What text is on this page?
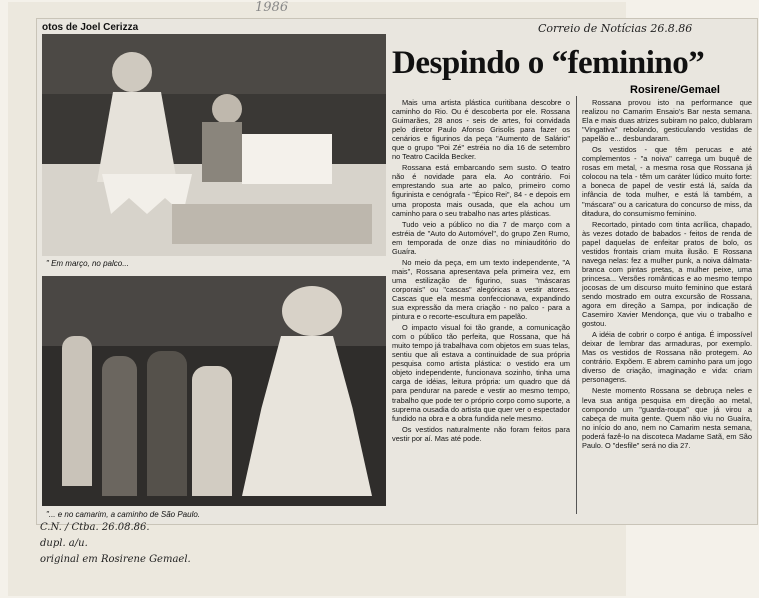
1986
Correio de Notícias 26.8.86
otos de Joel Cerizza
" Em março, no palco...
"... e no camarim, a caminho de São Paulo.
C.N. / Ctba. 26.08.86.
dupl. a/u.
original em Rosirene Gemael.
Despindo o “feminino”
Rosirene/Gemael

Mais uma artista plástica curitibana descobre o caminho do Rio. Ou é descoberta por ele. Rossana Guimarães, 28 anos - seis de artes, foi convidada pelo diretor Paulo Afonso Grisolis para fazer os cenários e figurinos da peça "Aumento de Salário" que o grupo "Poi Zé" estréia no dia 16 de setembro no Teatro Cacilda Becker.

Rossana está embarcando sem susto. O teatro não é novidade para ela. Ao contrário. Foi emprestando sua arte ao palco, primeiro como figurinista e cenógrafa - "Épico Rei", 84 - e depois em uma proposta mais ousada, que ela achou um caminho para o seu trabalho nas artes plásticas.

Tudo veio a público no dia 7 de março com a estréia de "Auto do Automóvel", do grupo Zen Rumo, em temporada de onze dias no miniauditório do Guaíra.

No meio da peça, em um texto independente, "A mais", Rossana apresentava pela primeira vez, em uma estilização de figurino, suas "máscaras corporais" ou "cascas" alegóricas a vestir atores. Cascas que ela mesma confeccionava, expandindo sua expressão da mera criação - no palco - para a pintura e o recorte-escultura em papelão.

O impacto visual foi tão grande, a comunicação com o público tão perfeita, que Rossana, que há muito tempo já trabalhava com objetos em suas telas, sentiu que ali estava a continuidade de sua própria pesquisa como artista plástica: o vestido era um objeto independente, funcionava sozinho, tinha uma carga de idéias, leitura própria: um quadro que dá para pendurar na parede e vestir ao mesmo tempo, trabalho que pode ter o próprio corpo como suporte, a suprema ousadia do artista que quer ver o espectador fundido na obra e a obra fundida nele mesmo.

Os vestidos naturalmente não foram feitos para vestir por aí. Mas até pode.

Rossana provou isto na performance que realizou no Camarim Ensaio's Bar nesta semana. Ela e mais duas atrizes subiram no palco, dublaram "Vingativa" rebolando, gesticulando vestidas de papelão e... desbundaram.

Os vestidos - que têm perucas e até complementos - "a noiva" carrega um buquê de rosas em metal, - a mesma rosa que Rossana já colocou na tela - têm um caráter lúdico muito forte: a boneca de papel de vestir está lá, saída da infância de toda mulher, e está lá também, a "máscara" ou a caricatura do concurso de miss, da ditadura, do consumismo feminino.

Recortado, pintado com tinta acrílica, chapado, às vezes dotado de babados - feitos de renda de papel daquelas de enfeitar pratos de bolo, os vestidos frontais criam muita ilusão. E Rossana navega nelas: fez a mulher punk, a noiva dálmata-branca com pintas pretas, a mulher peixe, uma princesa... Versões românticas e ao mesmo tempo jocosas de um discurso muito feminino que estará sendo mostrado em outra excursão de Rossana, agora em direção a Sampa, por indicação de Casemiro Xavier Mendonça, que viu o trabalho e gostou.

A idéia de cobrir o corpo é antiga. É impossível deixar de lembrar das armaduras, por exemplo. Mas os vestidos de Rossana não protegem. Ao contrário. Expõem. E abrem caminho para um jogo diverso de criação, imaginação e vida: criam personagens.

Neste momento Rossana se debruça neles e leva sua antiga pesquisa em direção ao metal, compondo um "guarda-roupa" que já virou a cabeça de muita gente. Quem não viu no Guaíra, no início do ano, nem no Camarim nesta semana, poderá fazê-lo na discoteca Madame Satã, em São Paulo. O "desfile" será no dia 27.
